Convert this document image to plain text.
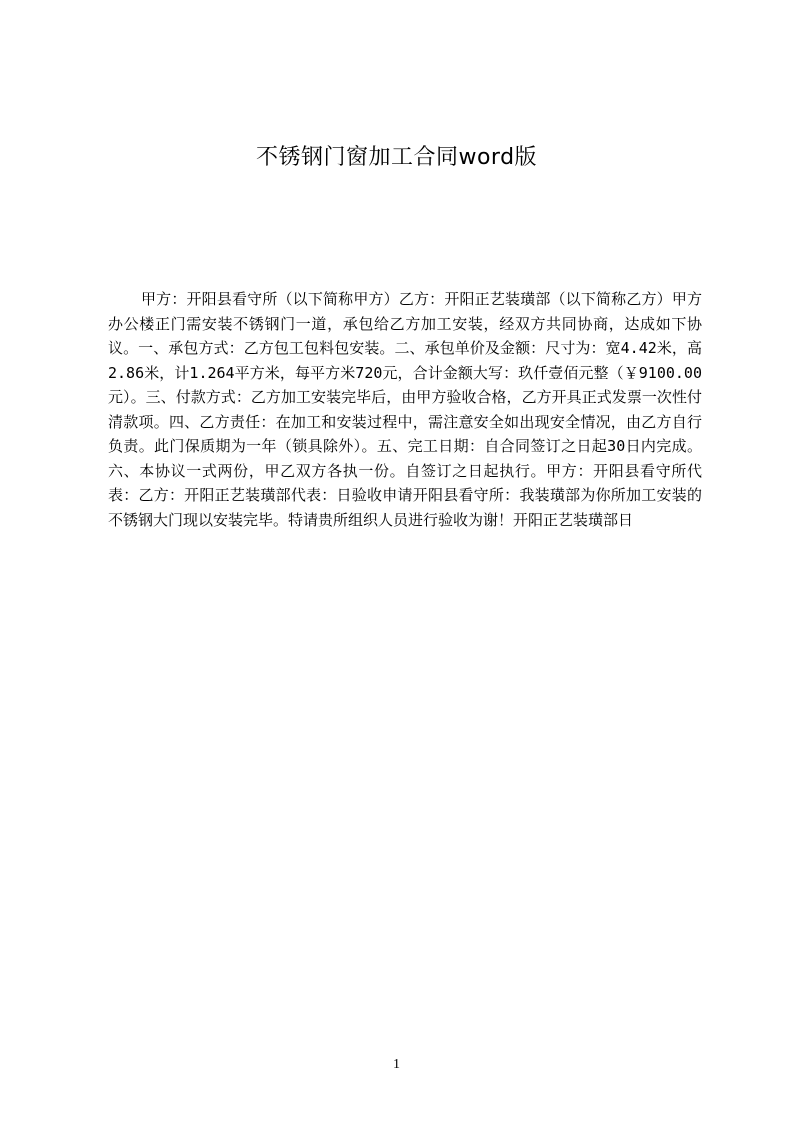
不锈钢门窗加工合同word版

甲方：开阳县看守所（以下简称甲方）乙方：开阳正艺装璜部（以下简称乙方）甲方办公楼正门需安装不锈钢门一道，承包给乙方加工安装，经双方共同协商，达成如下协议。一、承包方式：乙方包工包料包安装。二、承包单价及金额：尺寸为：宽4.42米，高2.86米，计1.264平方米，每平方米720元，合计金额大写：玖仟壹佰元整（￥9100.00元）。三、付款方式：乙方加工安装完毕后，由甲方验收合格，乙方开具正式发票一次性付清款项。四、乙方责任：在加工和安装过程中，需注意安全如出现安全情况，由乙方自行负责。此门保质期为一年（锁具除外）。五、完工日期：自合同签订之日起30日内完成。六、本协议一式两份，甲乙双方各执一份。自签订之日起执行。甲方：开阳县看守所代表：乙方：开阳正艺装璜部代表：日验收申请开阳县看守所：我装璜部为你所加工安装的不锈钢大门现以安装完毕。特请贵所组织人员进行验收为谢！开阳正艺装璜部日

1
